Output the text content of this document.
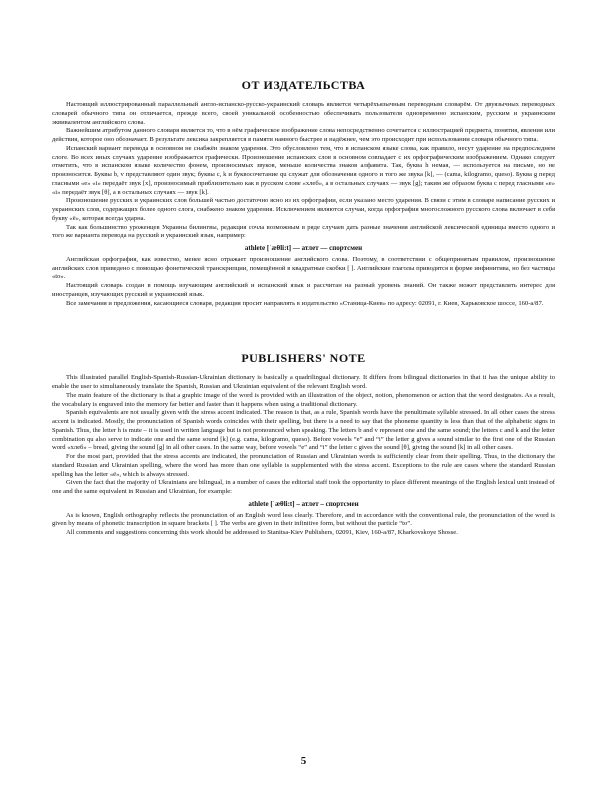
ОТ ИЗДАТЕЛЬСТВА

Настоящий иллюстрированный параллельный англо-испанско-русско-украинский словарь является четырёхъязычным переводным словарём. От двуязычных переводных словарей обычного типа он отличается, прежде всего, своей уникальной особенностью обеспечивать пользователя одновременно испанским, русским и украинским эквивалентом английского слова.

Важнейшим атрибутом данного словаря является то, что в нём графическое изображение слова непосредственно сочетается с иллюстрацией предмета, понятия, явления или действия, которое оно обозначает. В результате лексика закрепляется в памяти намного быстрее и надёжнее, чем это происходит при использовании словаря обычного типа.

Испанский вариант перевода в основном не снабжён знаком ударения. Это обусловлено тем, что в испанском языке слова, как правило, несут ударение на предпоследнем слоге. Во всех иных случаях ударение изображается графически. Произношение испанских слов в основном совпадает с их орфографическим изображением. Однако следует отметить, что в испанском языке количество фонем, произносимых звуков, меньше количества знаков алфавита. Так, буква h немая, — используется на письме, но не произносится. Буквы b, v представляют один звук; буквы c, k и буквосочетание qu служат для обозначения одного и того же звука [k], — (cama, kilogramo, queso). Буква g перед гласными «e» «i» передаёт звук [x], произносимый приблизительно как в русском слове «хлеб», а в остальных случаях — звук [g]; таким же образом буква c перед гласными «e» «i» передаёт звук [θ], а в остальных случаях — звук [k].

Произношение русских и украинских слов большей частью достаточно ясно из их орфографии, если указано место ударения. В связи с этим в словаре написание русских и украинских слов, содержащих более одного слога, снабжено знаком ударения. Исключением являются случаи, когда орфография многосложного русского слова включает в себя букву «ё», которая всегда ударна.

Так как большинство уроженцев Украины билингвы, редакция сочла возможным в ряде случаев дать разные значения английской лексической единицы вместо одного и того же варианта перевода на русский и украинский язык, например:

athlete [ˈæθli:t] — атлет — спортсмен

Английская орфография, как известно, менее ясно отражает произношение английского слова. Поэтому, в соответствии с общепринятым правилом, произношение английских слов приведено с помощью фонетической транскрипции, помещённой в квадратные скобки [ ]. Английские глаголы приводятся в форме инфинитива, но без частицы «to».

Настоящий словарь создан в помощь изучающим английский и испанский язык и рассчитан на разный уровень знаний. Он также может представлять интерес для иностранцев, изучающих русский и украинский язык.

Все замечания и предложения, касающиеся словаря, редакция просит направлять в издательство «Станица-Киев» по адресу: 02091, г. Киев, Харьковское шоссе, 160-а/87.

PUBLISHERS' NOTE

This illustrated parallel English-Spanish-Russian-Ukrainian dictionary is basically a quadrilingual dictionary. It differs from bilingual dictionaries in that it has the unique ability to enable the user to simultaneously translate the Spanish, Russian and Ukrainian equivalent of the relevant English word.

The main feature of the dictionary is that a graphic image of the word is provided with an illustration of the object, notion, phenomenon or action that the word designates. As a result, the vocabulary is engraved into the memory far better and faster than it happens when using a traditional dictionary.

Spanish equivalents are not usually given with the stress accent indicated. The reason is that, as a rule, Spanish words have the penultimate syllable stressed. In all other cases the stress accent is indicated. Mostly, the pronunciation of Spanish words coincides with their spelling, but there is a need to say that the phoneme quantity is less than that of the alphabetic signs in Spanish. Thus, the letter h is mute – it is used in written language but is not pronounced when speaking. The letters b and v represent one and the same sound; the letters c and k and the letter combination qu also serve to indicate one and the same sound [k] (e.g. cama, kilogramo, queso). Before vowels “e” and “i” the letter g gives a sound similar to the first one of the Russian word «хлеб» – bread, giving the sound [g] in all other cases. In the same way, before vowels “e” and “i” the letter c gives the sound [θ], giving the sound [k] in all other cases.

For the most part, provided that the stress accents are indicated, the pronunciation of Russian and Ukrainian words is sufficiently clear from their spelling. Thus, in the dictionary the standard Russian and Ukrainian spelling, where the word has more than one syllable is supplemented with the stress accent. Exceptions to the rule are cases where the standard Russian spelling has the letter «ё», which is always stressed.

Given the fact that the majority of Ukrainians are bilingual, in a number of cases the editorial staff took the opportunity to place different meanings of the English lexical unit instead of one and the same equivalent in Russian and Ukrainian, for example:

athlete [ˈæθli:t] – атлет – спортсмен

As is known, English orthography reflects the pronunciation of an English word less clearly. Therefore, and in accordance with the conventional rule, the pronunciation of the word is given by means of phonetic transcription in square brackets [ ]. The verbs are given in their infinitive form, but without the particle “to”.

All comments and suggestions concerning this work should be addressed to Stanitsa-Kiev Publishers, 02091, Kiev, 160-a/87, Kharkovskoye Shosse.

5
